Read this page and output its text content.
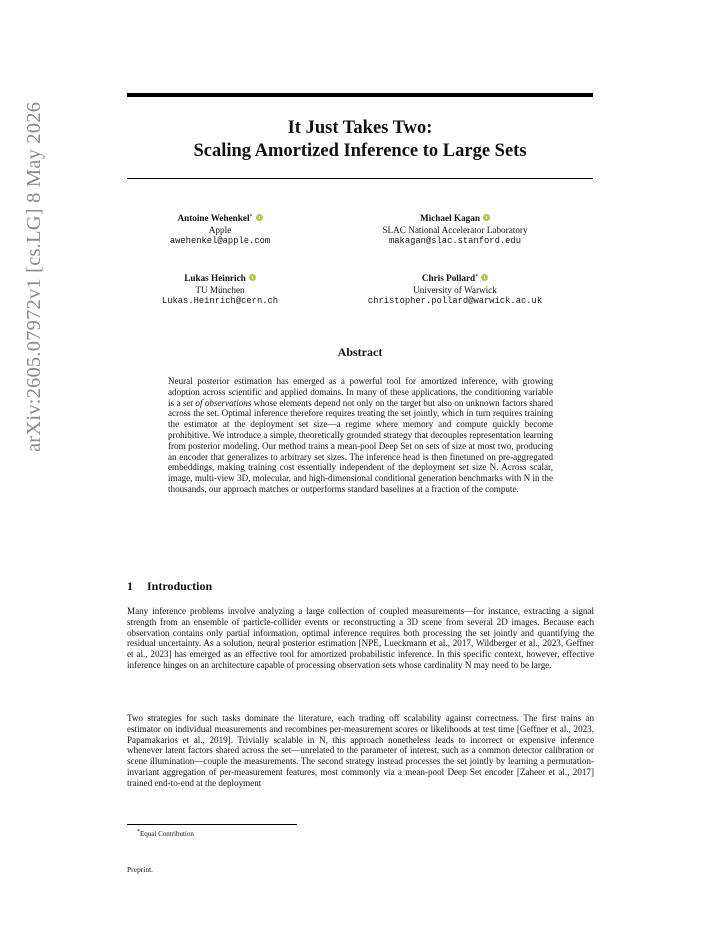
It Just Takes Two:
Scaling Amortized Inference to Large Sets
arXiv:2605.07972v1 [cs.LG] 8 May 2026	Antoine Wehenkel*
Apple
awehenkel@apple.com
Michael Kagan
SLAC National Accelerator Laboratory
makagan@slac.stanford.edu
Lukas Heinrich
TU München
Lukas.Heinrich@cern.ch
Chris Pollard*
University of Warwick
christopher.pollard@warwick.ac.uk
Abstract
Neural posterior estimation has emerged as a powerful tool for amortized inference, with growing adoption across scientific and applied domains. In many of these applications, the conditioning variable is a set of observations whose elements depend not only on the target but also on unknown factors shared across the set. Optimal inference therefore requires treating the set jointly, which in turn requires training the estimator at the deployment set size—a regime where memory and compute quickly become prohibitive. We introduce a simple, theoretically grounded strategy that decouples representation learning from posterior modeling. Our method trains a mean-pool Deep Set on sets of size at most two, producing an encoder that generalizes to arbitrary set sizes. The inference head is then finetuned on pre-aggregated embeddings, making training cost essentially independent of the deployment set size N. Across scalar, image, multi-view 3D, molecular, and high-dimensional conditional generation benchmarks with N in the thousands, our approach matches or outperforms standard baselines at a fraction of the compute.
1 Introduction
Many inference problems involve analyzing a large collection of coupled measurements—for instance, extracting a signal strength from an ensemble of particle-collider events or reconstructing a 3D scene from several 2D images. Because each observation contains only partial information, optimal inference requires both processing the set jointly and quantifying the residual uncertainty. As a solution, neural posterior estimation [NPE, Lueckmann et al., 2017, Wildberger et al., 2023, Geffner et al., 2023] has emerged as an effective tool for amortized probabilistic inference. In this specific context, however, effective inference hinges on an architecture capable of processing observation sets whose cardinality N may need to be large.
Two strategies for such tasks dominate the literature, each trading off scalability against correctness. The first trains an estimator on individual measurements and recombines per-measurement scores or likelihoods at test time [Geffner et al., 2023, Papamakarios et al., 2019]. Trivially scalable in N, this approach nonetheless leads to incorrect or expensive inference whenever latent factors shared across the set—unrelated to the parameter of interest, such as a common detector calibration or scene illumination—couple the measurements. The second strategy instead processes the set jointly by learning a permutation-invariant aggregation of per-measurement features, most commonly via a mean-pool Deep Set encoder [Zaheer et al., 2017] trained end-to-end at the deployment
*Equal Contribution
Preprint.
